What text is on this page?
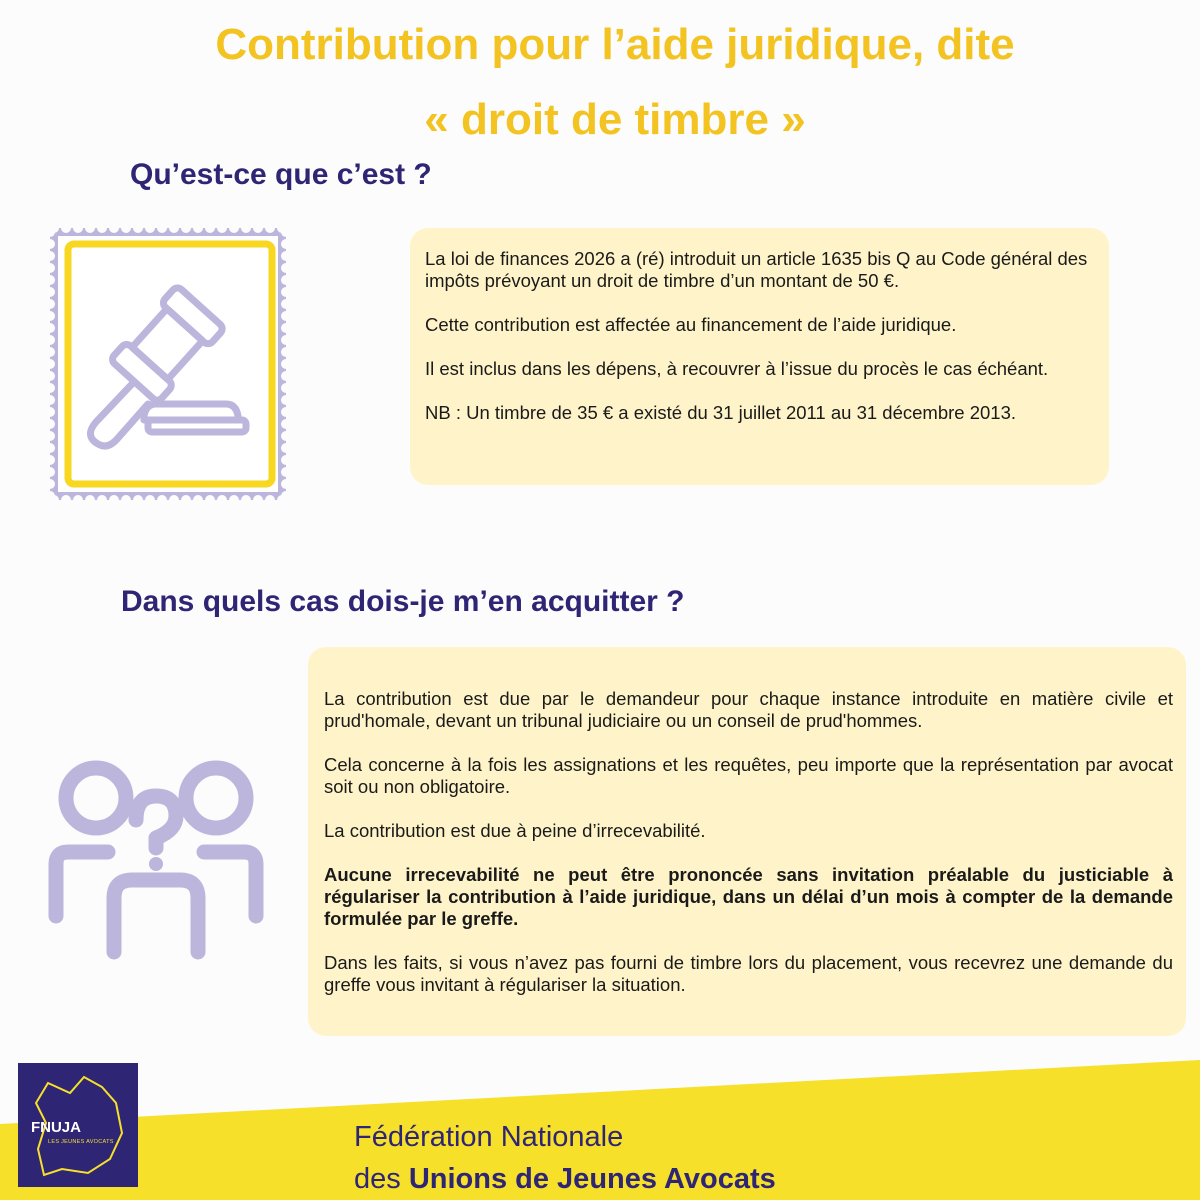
Contribution pour l’aide juridique, dite
« droit de timbre »
Qu’est-ce que c’est ?

La loi de finances 2026 a (ré) introduit un article 1635 bis Q au Code général des impôts prévoyant un droit de timbre d’un montant de 50 €.

Cette contribution est affectée au financement de l’aide juridique.

Il est inclus dans les dépens, à recouvrer à l’issue du procès le cas échéant.

NB : Un timbre de 35 € a existé du 31 juillet 2011 au 31 décembre 2013.

Dans quels cas dois-je m’en acquitter ?

La contribution est due par le demandeur pour chaque instance introduite en matière civile et prud'homale, devant un tribunal judiciaire ou un conseil de prud'hommes.

Cela concerne à la fois les assignations et les requêtes, peu importe que la représentation par avocat soit ou non obligatoire.

La contribution est due à peine d’irrecevabilité.

Aucune irrecevabilité ne peut être prononcée sans invitation préalable du justiciable à régulariser la contribution à l’aide juridique, dans un délai d’un mois à compter de la demande formulée par le greffe.

Dans les faits, si vous n’avez pas fourni de timbre lors du placement, vous recevrez une demande du greffe vous invitant à régulariser la situation.

FNUJA
LES JEUNES AVOCATS	Fédération Nationale
des Unions de Jeunes Avocats
